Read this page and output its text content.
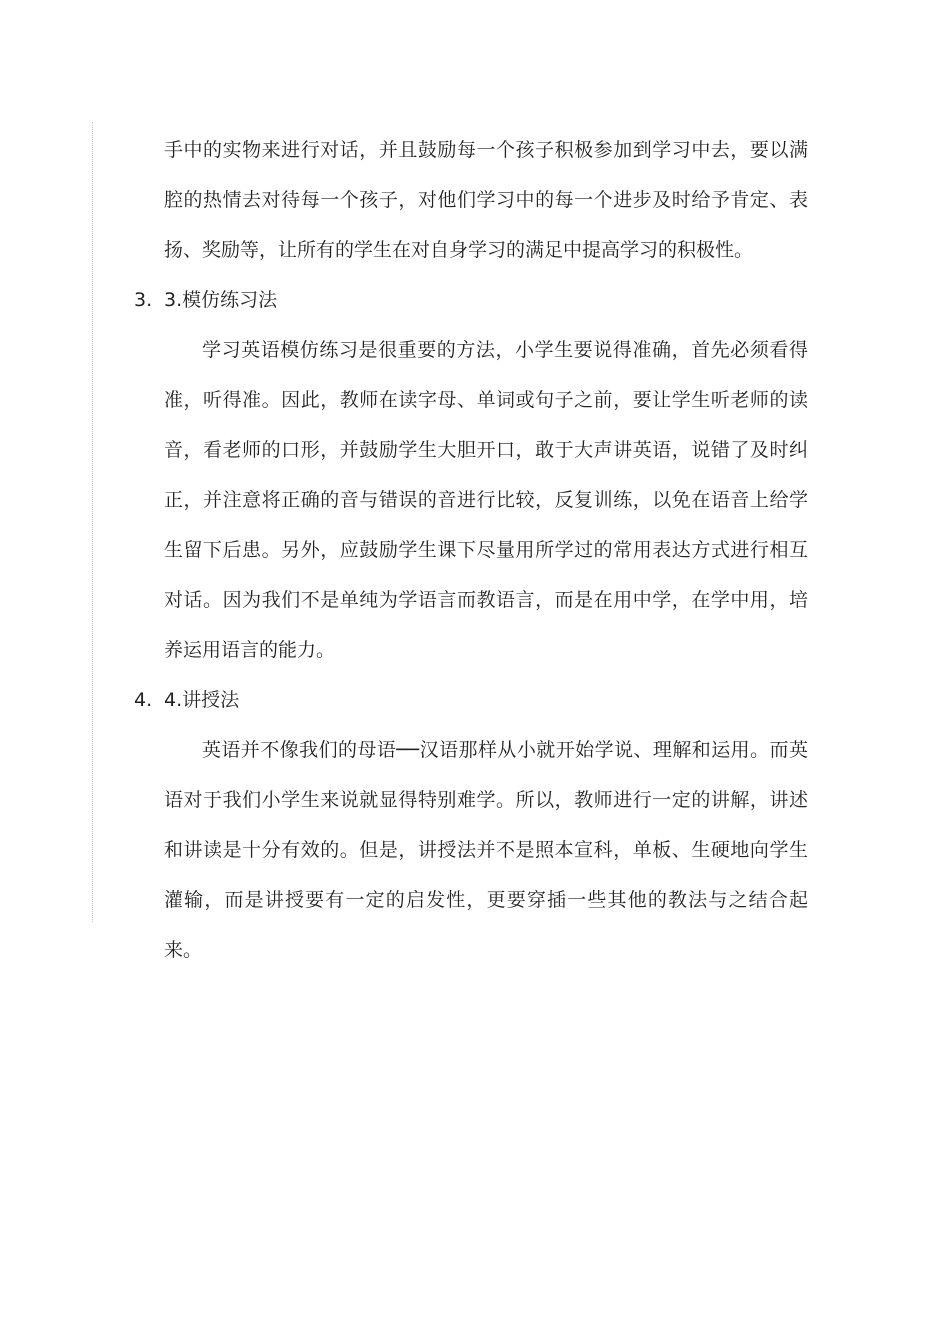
手中的实物来进行对话，并且鼓励每一个孩子积极参加到学习中去，要以满腔的热情去对待每一个孩子，对他们学习中的每一个进步及时给予肯定、表扬、奖励等，让所有的学生在对自身学习的满足中提高学习的积极性。

3. 3.模仿练习法

学习英语模仿练习是很重要的方法，小学生要说得准确，首先必须看得准，听得准。因此，教师在读字母、单词或句子之前，要让学生听老师的读音，看老师的口形，并鼓励学生大胆开口，敢于大声讲英语，说错了及时纠正，并注意将正确的音与错误的音进行比较，反复训练，以免在语音上给学生留下后患。另外，应鼓励学生课下尽量用所学过的常用表达方式进行相互对话。因为我们不是单纯为学语言而教语言，而是在用中学，在学中用，培养运用语言的能力。

4. 4.讲授法

英语并不像我们的母语──汉语那样从小就开始学说、理解和运用。而英语对于我们小学生来说就显得特别难学。所以，教师进行一定的讲解，讲述和讲读是十分有效的。但是，讲授法并不是照本宣科，单板、生硬地向学生灌输，而是讲授要有一定的启发性，更要穿插一些其他的教法与之结合起来。
